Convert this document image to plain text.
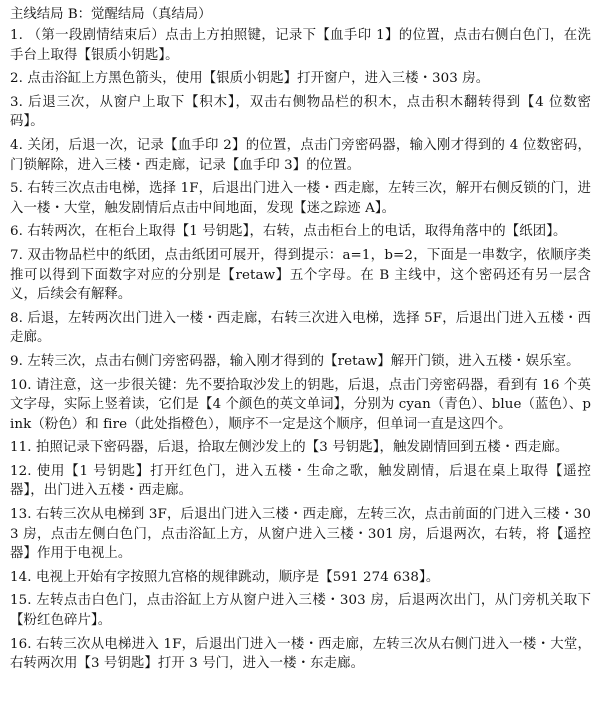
主线结局 B：觉醒结局（真结局）
1. （第一段剧情结束后）点击上方拍照键，记录下【血手印 1】的位置，点击右侧白色门，在洗手台上取得【银质小钥匙】。
2. 点击浴缸上方黑色箭头，使用【银质小钥匙】打开窗户，进入三楼・303 房。
3. 后退三次，从窗户上取下【积木】，双击右侧物品栏的积木，点击积木翻转得到【4 位数密码】。
4. 关闭，后退一次，记录【血手印 2】的位置，点击门旁密码器，输入刚才得到的 4 位数密码，门锁解除，进入三楼・西走廊，记录【血手印 3】的位置。
5. 右转三次点击电梯，选择 1F，后退出门进入一楼・西走廊，左转三次，解开右侧反锁的门，进入一楼・大堂，触发剧情后点击中间地面，发现【迷之踪迹 A】。
6. 右转两次，在柜台上取得【1 号钥匙】，右转，点击柜台上的电话，取得角落中的【纸团】。
7. 双击物品栏中的纸团，点击纸团可展开，得到提示：a=1，b=2，下面是一串数字，依顺序类推可以得到下面数字对应的分别是【retaw】五个字母。在 B 主线中，这个密码还有另一层含义，后续会有解释。
8. 后退，左转两次出门进入一楼・西走廊，右转三次进入电梯，选择 5F，后退出门进入五楼・西走廊。
9. 左转三次，点击右侧门旁密码器，输入刚才得到的【retaw】解开门锁，进入五楼・娱乐室。
10. 请注意，这一步很关键：先不要拾取沙发上的钥匙，后退，点击门旁密码器，看到有 16 个英文字母，实际上竖着读，它们是【4 个颜色的英文单词】，分别为 cyan（青色）、blue（蓝色）、pink（粉色）和 fire（此处指橙色），顺序不一定是这个顺序，但单词一直是这四个。
11. 拍照记录下密码器，后退，拾取左侧沙发上的【3 号钥匙】，触发剧情回到五楼・西走廊。
12. 使用【1 号钥匙】打开红色门，进入五楼・生命之歌，触发剧情，后退在桌上取得【遥控器】，出门进入五楼・西走廊。
13. 右转三次从电梯到 3F，后退出门进入三楼・西走廊，左转三次，点击前面的门进入三楼・303 房，点击左侧白色门，点击浴缸上方，从窗户进入三楼・301 房，后退两次，右转，将【遥控器】作用于电视上。
14. 电视上开始有字按照九宫格的规律跳动，顺序是【591 274 638】。
15. 左转点击白色门，点击浴缸上方从窗户进入三楼・303 房，后退两次出门，从门旁机关取下【粉红色碎片】。
16. 右转三次从电梯进入 1F，后退出门进入一楼・西走廊，左转三次从右侧门进入一楼・大堂，右转两次用【3 号钥匙】打开 3 号门，进入一楼・东走廊。
